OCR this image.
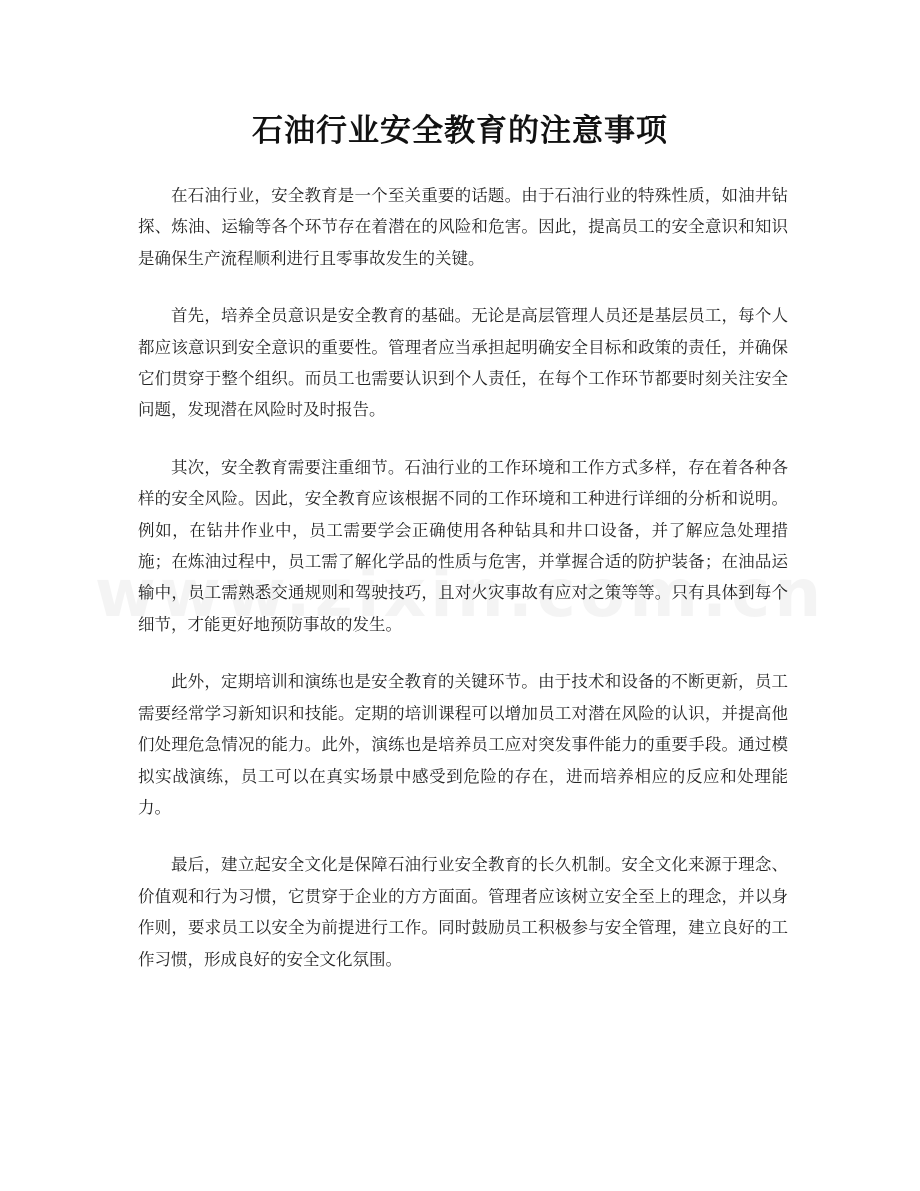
石油行业安全教育的注意事项

在石油行业，安全教育是一个至关重要的话题。由于石油行业的特殊性质，如油井钻探、炼油、运输等各个环节存在着潜在的风险和危害。因此，提高员工的安全意识和知识是确保生产流程顺利进行且零事故发生的关键。

首先，培养全员意识是安全教育的基础。无论是高层管理人员还是基层员工，每个人都应该意识到安全意识的重要性。管理者应当承担起明确安全目标和政策的责任，并确保它们贯穿于整个组织。而员工也需要认识到个人责任，在每个工作环节都要时刻关注安全问题，发现潜在风险时及时报告。

其次，安全教育需要注重细节。石油行业的工作环境和工作方式多样，存在着各种各样的安全风险。因此，安全教育应该根据不同的工作环境和工种进行详细的分析和说明。例如，在钻井作业中，员工需要学会正确使用各种钻具和井口设备，并了解应急处理措施；在炼油过程中，员工需了解化学品的性质与危害，并掌握合适的防护装备；在油品运输中，员工需熟悉交通规则和驾驶技巧，且对火灾事故有应对之策等等。只有具体到每个细节，才能更好地预防事故的发生。

此外，定期培训和演练也是安全教育的关键环节。由于技术和设备的不断更新，员工需要经常学习新知识和技能。定期的培训课程可以增加员工对潜在风险的认识，并提高他们处理危急情况的能力。此外，演练也是培养员工应对突发事件能力的重要手段。通过模拟实战演练，员工可以在真实场景中感受到危险的存在，进而培养相应的反应和处理能力。

最后，建立起安全文化是保障石油行业安全教育的长久机制。安全文化来源于理念、价值观和行为习惯，它贯穿于企业的方方面面。管理者应该树立安全至上的理念，并以身作则，要求员工以安全为前提进行工作。同时鼓励员工积极参与安全管理，建立良好的工作习惯，形成良好的安全文化氛围。
